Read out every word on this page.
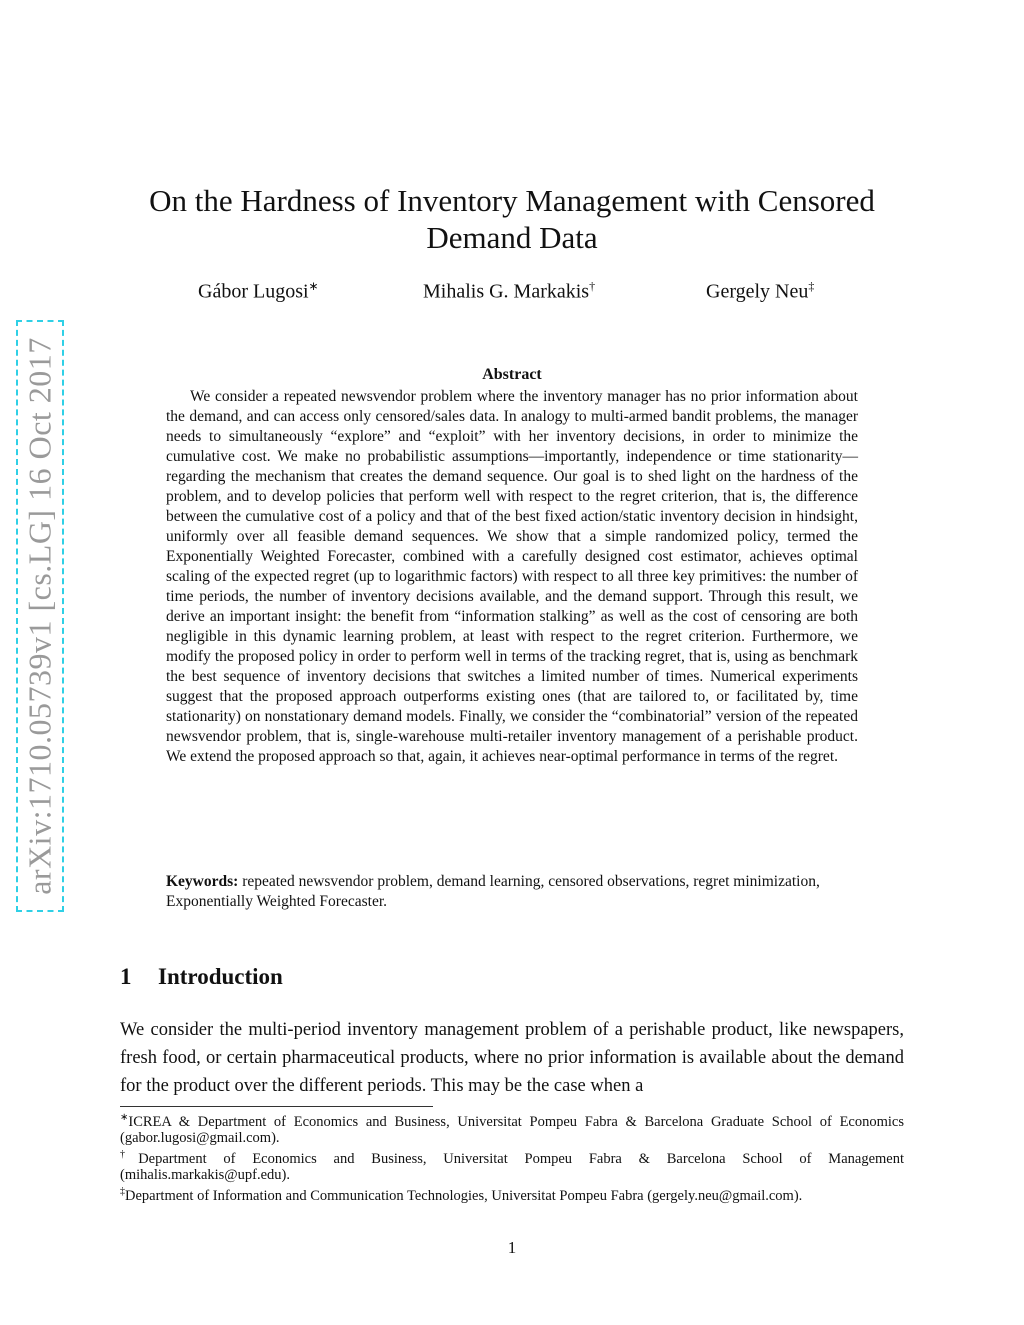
arXiv:1710.05739v1 [cs.LG] 16 Oct 2017
On the Hardness of Inventory Management with Censored Demand Data
Gábor Lugosi∗	Mihalis G. Markakis†	Gergely Neu‡
Abstract

We consider a repeated newsvendor problem where the inventory manager has no prior information about the demand, and can access only censored/sales data. In analogy to multi-armed bandit problems, the manager needs to simultaneously “explore” and “exploit” with her inventory decisions, in order to minimize the cumulative cost. We make no probabilistic assumptions—importantly, independence or time stationarity—regarding the mechanism that creates the demand sequence. Our goal is to shed light on the hardness of the problem, and to develop policies that perform well with respect to the regret criterion, that is, the difference between the cumulative cost of a policy and that of the best fixed action/static inventory decision in hindsight, uniformly over all feasible demand sequences. We show that a simple randomized policy, termed the Exponentially Weighted Forecaster, combined with a carefully designed cost estimator, achieves optimal scaling of the expected regret (up to logarithmic factors) with respect to all three key primitives: the number of time periods, the number of inventory decisions available, and the demand support. Through this result, we derive an important insight: the benefit from “information stalking” as well as the cost of censoring are both negligible in this dynamic learning problem, at least with respect to the regret criterion. Furthermore, we modify the proposed policy in order to perform well in terms of the tracking regret, that is, using as benchmark the best sequence of inventory decisions that switches a limited number of times. Numerical experiments suggest that the proposed approach outperforms existing ones (that are tailored to, or facilitated by, time stationarity) on nonstationary demand models. Finally, we consider the “combinatorial” version of the repeated newsvendor problem, that is, single-warehouse multi-retailer inventory management of a perishable product. We extend the proposed approach so that, again, it achieves near-optimal performance in terms of the regret.

Keywords: repeated newsvendor problem, demand learning, censored observations, regret minimization, Exponentially Weighted Forecaster.

1 Introduction

We consider the multi-period inventory management problem of a perishable product, like newspapers, fresh food, or certain pharmaceutical products, where no prior information is available about the demand for the product over the different periods. This may be the case when a

∗ICREA & Department of Economics and Business, Universitat Pompeu Fabra & Barcelona Graduate School of Economics (gabor.lugosi@gmail.com).

†Department of Economics and Business, Universitat Pompeu Fabra & Barcelona School of Management (mihalis.markakis@upf.edu).

‡Department of Information and Communication Technologies, Universitat Pompeu Fabra (gergely.neu@gmail.com).

1
